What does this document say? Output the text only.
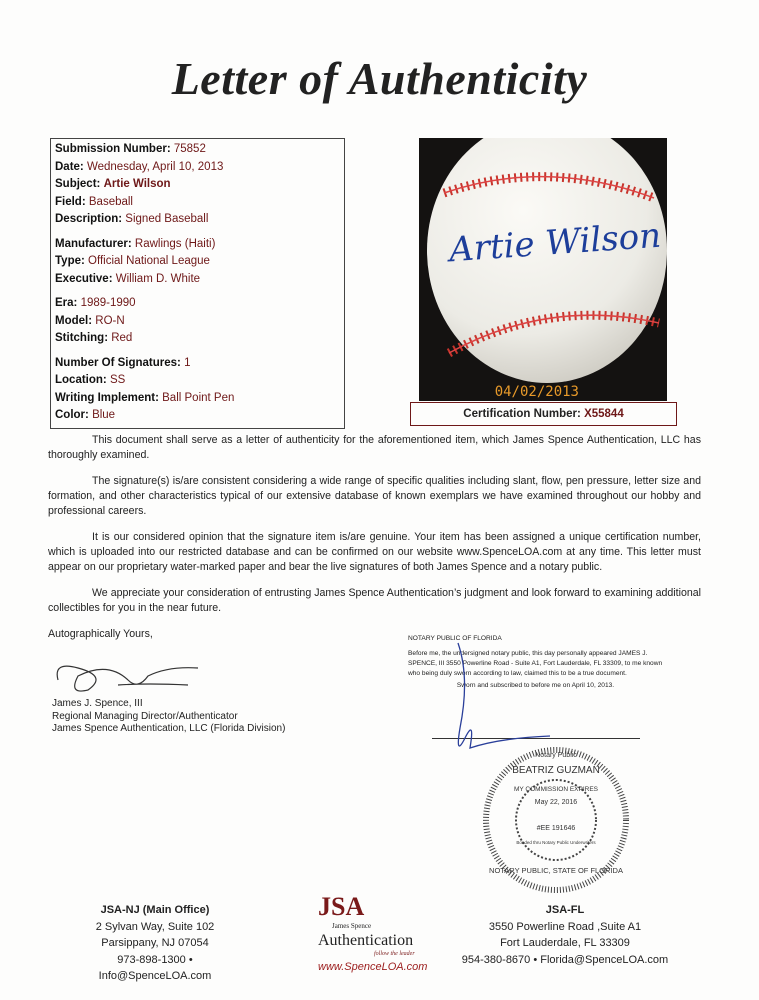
Letter of Authenticity
Submission Number: 75852
Date: Wednesday, April 10, 2013
Subject: Artie Wilson
Field: Baseball
Description: Signed Baseball
Manufacturer: Rawlings (Haiti)
Type: Official National League
Executive: William D. White
Era: 1989-1990
Model: RO-N
Stitching: Red
Number Of Signatures: 1
Location: SS
Writing Implement: Ball Point Pen
Color: Blue
Artie Wilson
04/02/2013
Certification Number: X55844

This document shall serve as a letter of authenticity for the aforementioned item, which James Spence Authentication, LLC has thoroughly examined.

The signature(s) is/are consistent considering a wide range of specific qualities including slant, flow, pen pressure, letter size and formation, and other characteristics typical of our extensive database of known exemplars we have examined throughout our hobby and professional careers.

It is our considered opinion that the signature item is/are genuine. Your item has been assigned a unique certification number, which is uploaded into our restricted database and can be confirmed on our website www.SpenceLOA.com at any time. This letter must appear on our proprietary water-marked paper and bear the live signatures of both James Spence and a notary public.

We appreciate your consideration of entrusting James Spence Authentication’s judgment and look forward to examining additional collectibles for you in the near future.

Autographically Yours,
James J. Spence, III
Regional Managing Director/Authenticator
James Spence Authentication, LLC (Florida Division)
NOTARY PUBLIC OF FLORIDA
Before me, the undersigned notary public, this day personally appeared JAMES J. SPENCE, III 3550 Powerline Road - Suite A1, Fort Lauderdale, FL 33309, to me known who being duly sworn according to law, claimed this to be a true document.
Sworn and subscribed to before me on April 10, 2013.
Notary Public
BEATRIZ GUZMAN
MY COMMISSION EXPIRES
May 22, 2016
#EE 191646
Bonded thru Notary Public Underwriters
NOTARY PUBLIC, STATE OF FLORIDA
JSA-NJ (Main Office)
2 Sylvan Way, Suite 102
Parsippany, NJ 07054
973-898-1300 • Info@SpenceLOA.com
JSA
James Spence
Authentication
follow the leader
www.SpenceLOA.com
JSA-FL
3550 Powerline Road ,Suite A1
Fort Lauderdale, FL 33309
954-380-8670 • Florida@SpenceLOA.com
